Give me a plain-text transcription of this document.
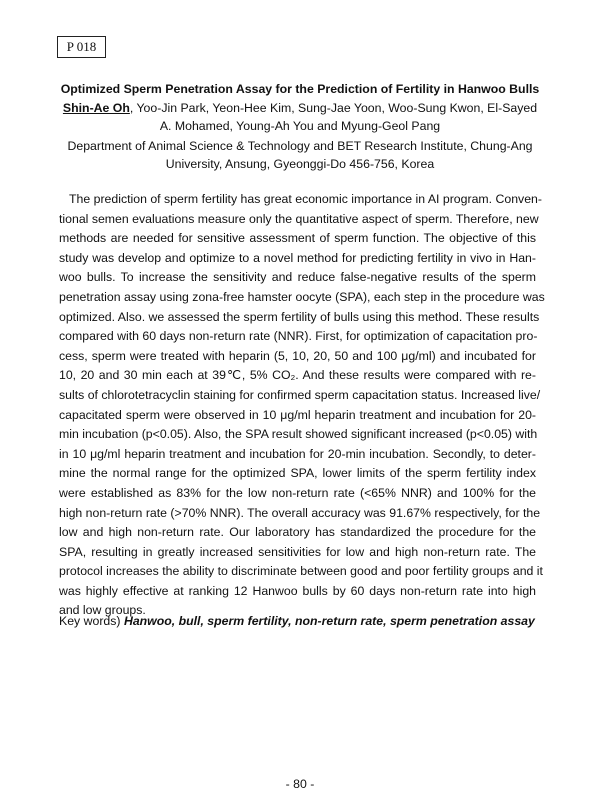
P 018
Optimized Sperm Penetration Assay for the Prediction of Fertility in Hanwoo Bulls
Shin-Ae Oh, Yoo-Jin Park, Yeon-Hee Kim, Sung-Jae Yoon, Woo-Sung Kwon, El-Sayed
A. Mohamed, Young-Ah You and Myung-Geol Pang
Department of Animal Science & Technology and BET Research Institute, Chung-Ang
University, Ansung, Gyeonggi-Do 456-756, Korea
The prediction of sperm fertility has great economic importance in AI program. Conven-
tional semen evaluations measure only the quantitative aspect of sperm. Therefore, new
methods are needed for sensitive assessment of sperm function. The objective of this
study was develop and optimize to a novel method for predicting fertility in vivo in Han-
woo bulls. To increase the sensitivity and reduce false-negative results of the sperm
penetration assay using zona-free hamster oocyte (SPA), each step in the procedure was
optimized. Also. we assessed the sperm fertility of bulls using this method. These results
compared with 60 days non-return rate (NNR). First, for optimization of capacitation pro-
cess, sperm were treated with heparin (5, 10, 20, 50 and 100 μg/ml) and incubated for
10, 20 and 30 min each at 39℃, 5% CO₂. And these results were compared with re-
sults of chlorotetracyclin staining for confirmed sperm capacitation status. Increased live/
capacitated sperm were observed in 10 μg/ml heparin treatment and incubation for 20-
min incubation (p<0.05). Also, the SPA result showed significant increased (p<0.05) with
in 10 μg/ml heparin treatment and incubation for 20-min incubation. Secondly, to deter-
mine the normal range for the optimized SPA, lower limits of the sperm fertility index
were established as 83% for the low non-return rate (<65% NNR) and 100% for the
high non-return rate (>70% NNR). The overall accuracy was 91.67% respectively, for the
low and high non-return rate. Our laboratory has standardized the procedure for the
SPA, resulting in greatly increased sensitivities for low and high non-return rate. The
protocol increases the ability to discriminate between good and poor fertility groups and it
was highly effective at ranking 12 Hanwoo bulls by 60 days non-return rate into high
and low groups.
Key words) Hanwoo, bull, sperm fertility, non-return rate, sperm penetration assay
- 80 -
